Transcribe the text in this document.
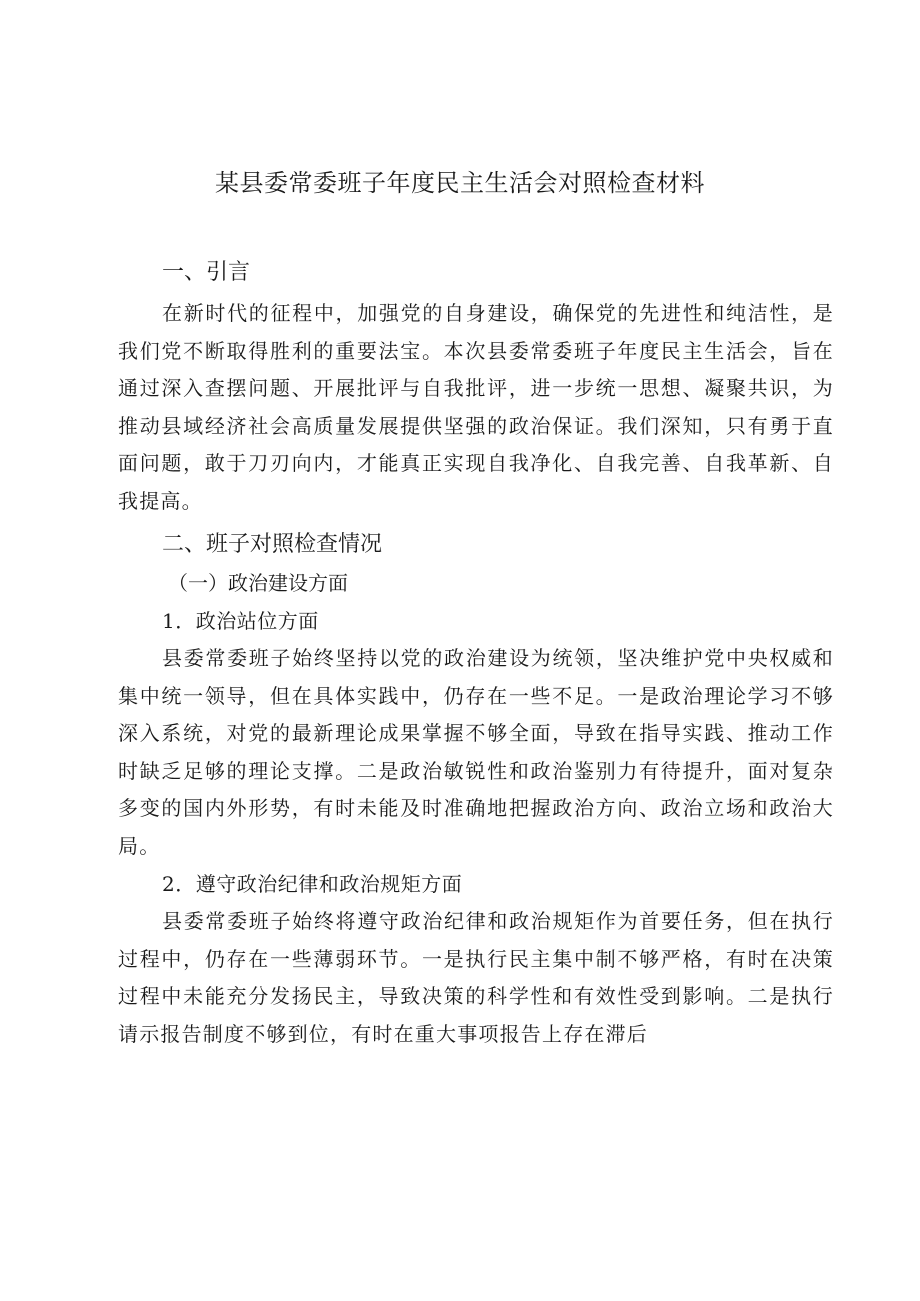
某县委常委班子年度民主生活会对照检查材料
一、引言

在新时代的征程中，加强党的自身建设，确保党的先进性和纯洁性，是我们党不断取得胜利的重要法宝。本次县委常委班子年度民主生活会，旨在通过深入查摆问题、开展批评与自我批评，进一步统一思想、凝聚共识，为推动县域经济社会高质量发展提供坚强的政治保证。我们深知，只有勇于直面问题，敢于刀刃向内，才能真正实现自我净化、自我完善、自我革新、自我提高。

二、班子对照检查情况
（一）政治建设方面
1．政治站位方面

县委常委班子始终坚持以党的政治建设为统领，坚决维护党中央权威和集中统一领导，但在具体实践中，仍存在一些不足。一是政治理论学习不够深入系统，对党的最新理论成果掌握不够全面，导致在指导实践、推动工作时缺乏足够的理论支撑。二是政治敏锐性和政治鉴别力有待提升，面对复杂多变的国内外形势，有时未能及时准确地把握政治方向、政治立场和政治大局。

2．遵守政治纪律和政治规矩方面

县委常委班子始终将遵守政治纪律和政治规矩作为首要任务，但在执行过程中，仍存在一些薄弱环节。一是执行民主集中制不够严格，有时在决策过程中未能充分发扬民主，导致决策的科学性和有效性受到影响。二是执行请示报告制度不够到位，有时在重大事项报告上存在滞后
